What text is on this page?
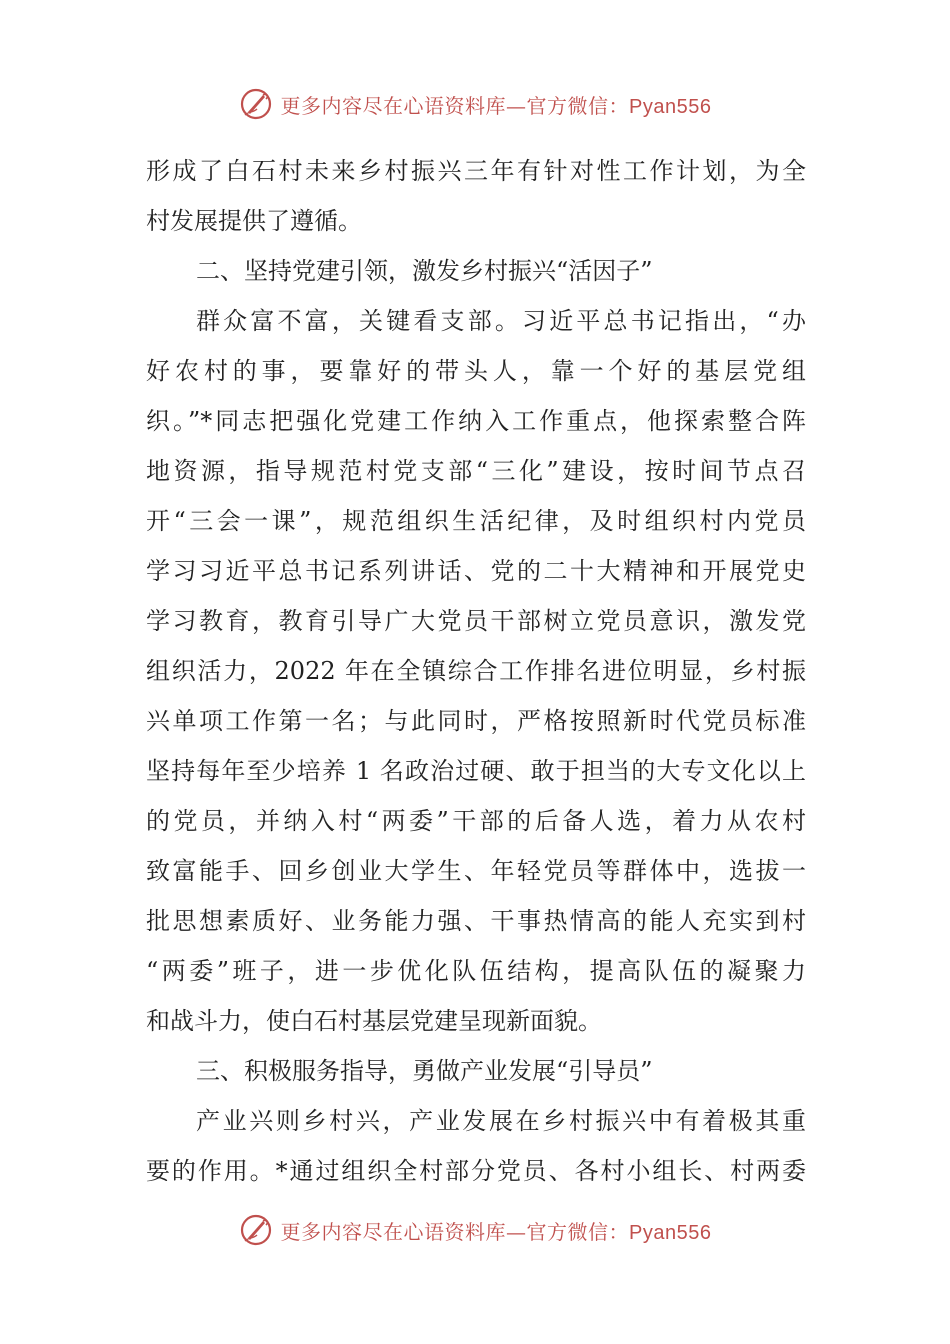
更多内容尽在心语资料库—官方微信：Pyan556
形成了白石村未来乡村振兴三年有针对性工作计划，为全
村发展提供了遵循。
二、坚持党建引领，激发乡村振兴“活因子”
群众富不富，关键看支部。习近平总书记指出，“办
好农村的事，要靠好的带头人，靠一个好的基层党组
织。”*同志把强化党建工作纳入工作重点，他探索整合阵
地资源，指导规范村党支部“三化”建设，按时间节点召
开“三会一课”，规范组织生活纪律，及时组织村内党员
学习习近平总书记系列讲话、党的二十大精神和开展党史
学习教育，教育引导广大党员干部树立党员意识，激发党
组织活力，2022 年在全镇综合工作排名进位明显，乡村振
兴单项工作第一名；与此同时，严格按照新时代党员标准
坚持每年至少培养 1 名政治过硬、敢于担当的大专文化以上
的党员，并纳入村“两委”干部的后备人选，着力从农村
致富能手、回乡创业大学生、年轻党员等群体中，选拔一
批思想素质好、业务能力强、干事热情高的能人充实到村
“两委”班子，进一步优化队伍结构，提高队伍的凝聚力
和战斗力，使白石村基层党建呈现新面貌。
三、积极服务指导，勇做产业发展“引导员”
产业兴则乡村兴，产业发展在乡村振兴中有着极其重
要的作用。*通过组织全村部分党员、各村小组长、村两委
更多内容尽在心语资料库—官方微信：Pyan556
